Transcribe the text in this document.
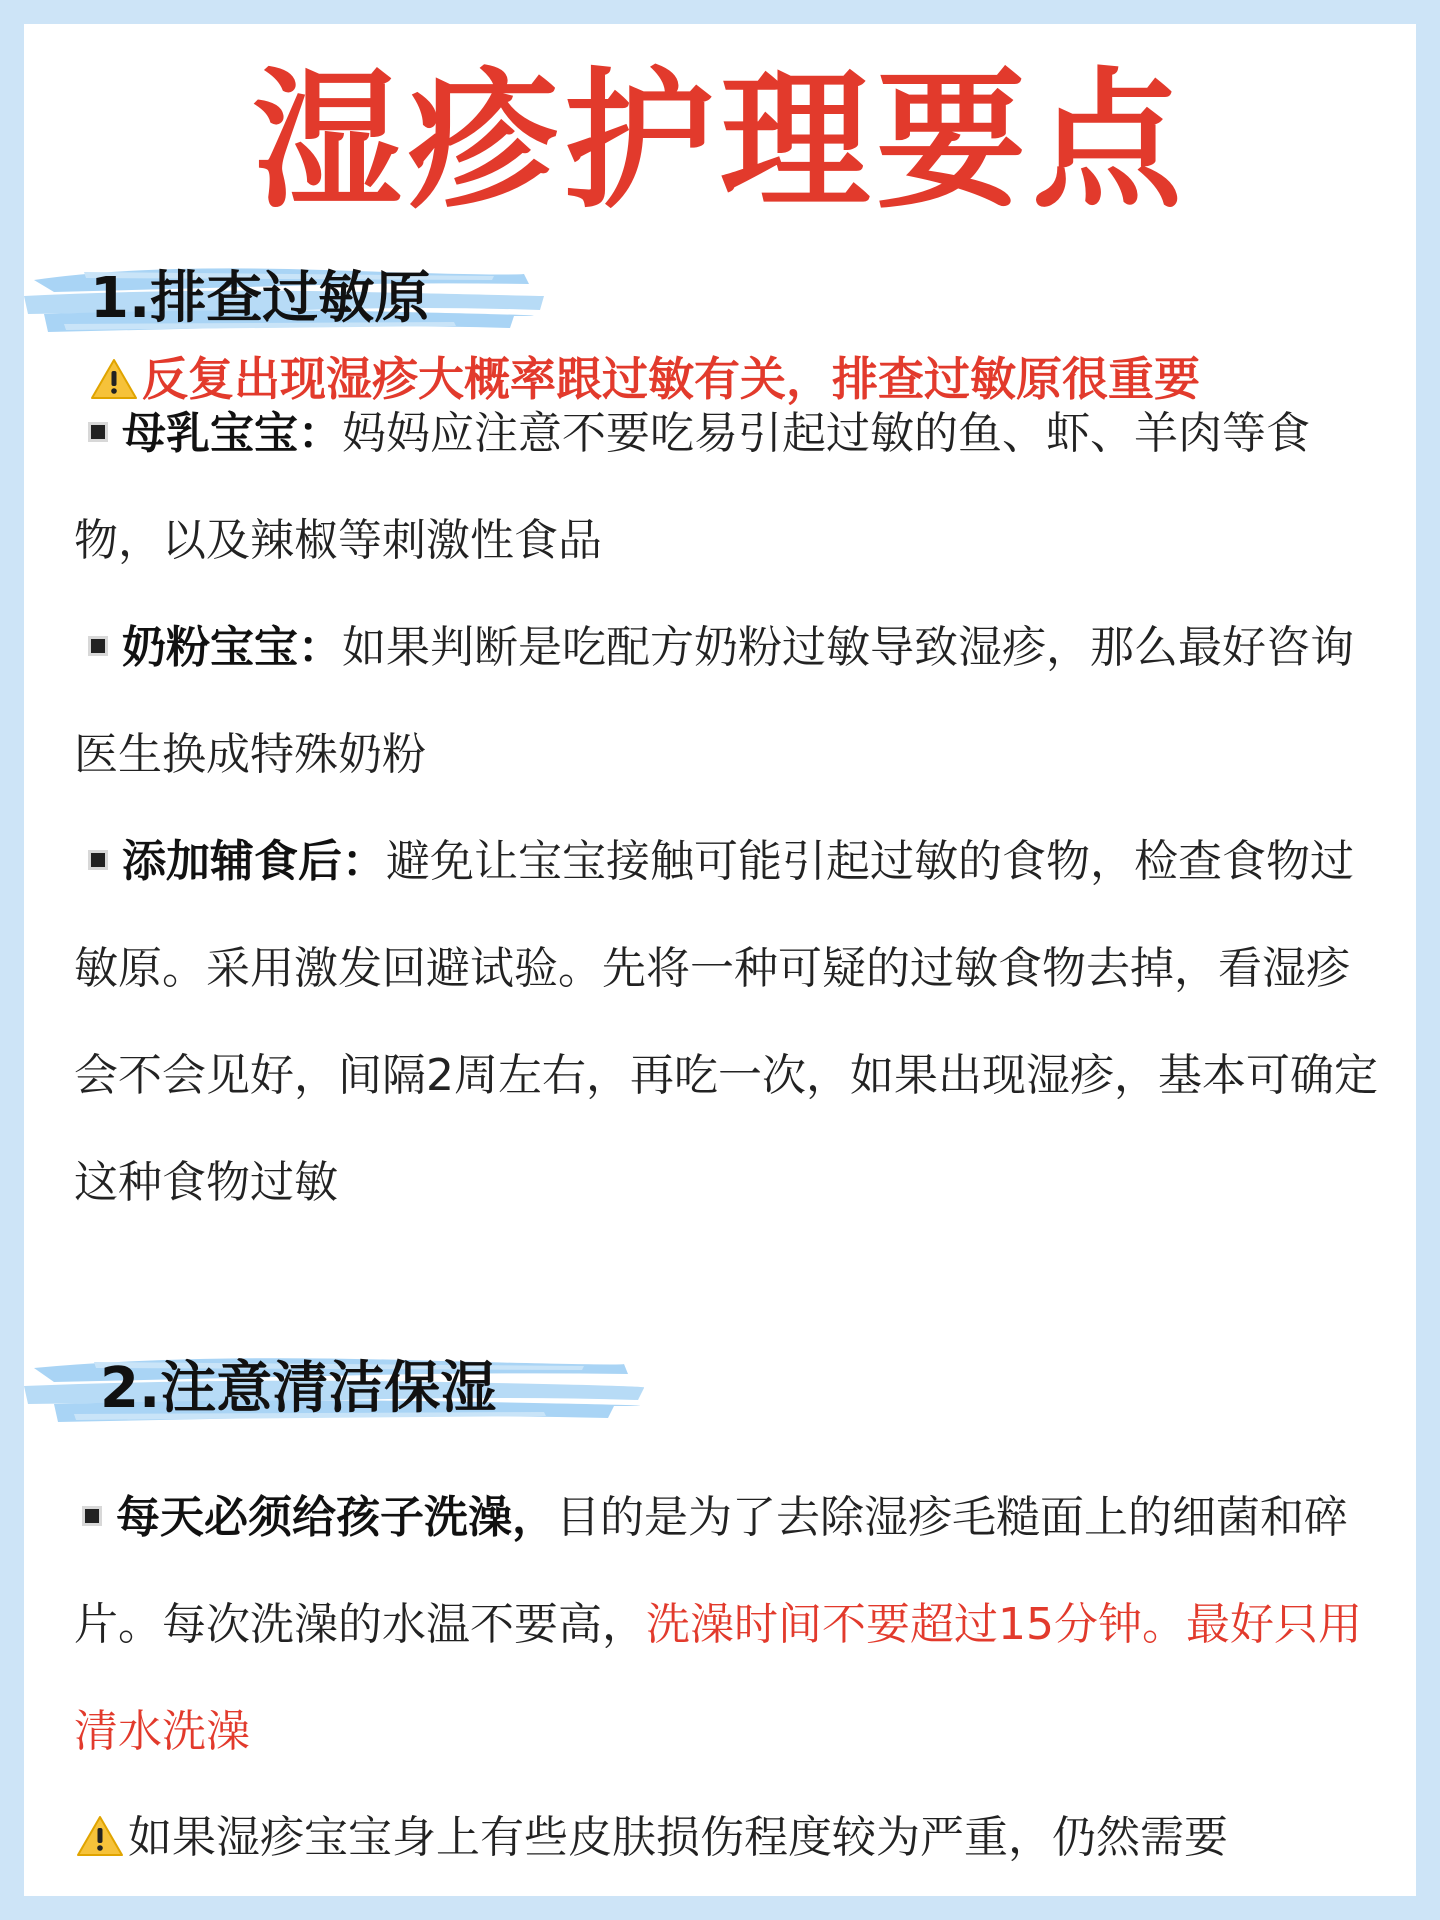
湿疹护理要点
1.排查过敏原
反复出现湿疹大概率跟过敏有关，排查过敏原很重要
母乳宝宝：妈妈应注意不要吃易引起过敏的鱼、虾、羊肉等食物，以及辣椒等刺激性食品
奶粉宝宝：如果判断是吃配方奶粉过敏导致湿疹，那么最好咨询医生换成特殊奶粉
添加辅食后：避免让宝宝接触可能引起过敏的食物，检查食物过敏原。采用激发回避试验。先将一种可疑的过敏食物去掉，看湿疹会不会见好，间隔2周左右，再吃一次，如果出现湿疹，基本可确定这种食物过敏
2.注意清洁保湿
每天必须给孩子洗澡，目的是为了去除湿疹毛糙面上的细菌和碎片。每次洗澡的水温不要高，洗澡时间不要超过15分钟。最好只用清水洗澡
如果湿疹宝宝身上有些皮肤损伤程度较为严重，仍然需要
